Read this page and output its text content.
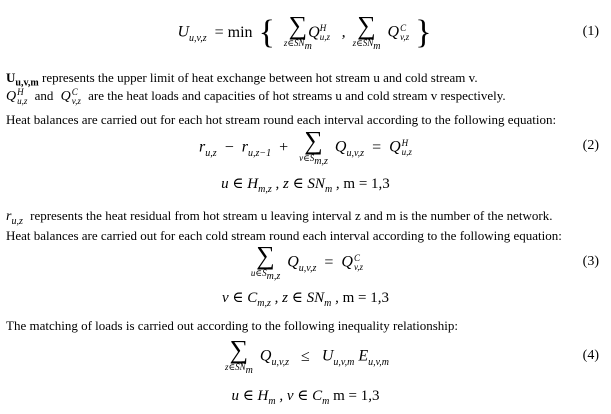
$U_{u,v,z} = \min$ { ∑
$z\in SN_m$

H
u,z
Q , ∑
$z\in SN_m$
Q C
v,z }	(1)
$U_{u,v,m}$ represents the upper limit of heat exchange between hot stream u and cold stream v.
Q H
u,z and Q C
v,z are the heat loads and capacities of hot streams u and cold stream v respectively.
Heat balances are carried out for each hot stream round each interval according to the following equation:
$r_{u,z} - r_{u,z-1}$ + ∑
$v\in S_{m,z}$
$Q_{u,v,z} = Q$ H
u,z	(2)
u ∈ $H_{m,z}$ , z ∈ $SN_m$ , m = 1,3
$r_{u,z}$ represents the heat residual from hot stream u leaving interval z and m is the number of the network.
Heat balances are carried out for each cold stream round each interval according to the following equation:
∑
$u\in S_{m,z}$
$Q_{u,v,z} = Q$ C
v,z	(3)
v ∈ $C_{m,z}$ , z ∈ $SN_m$ , m = 1,3
The matching of loads is carried out according to the following inequality relationship:
∑
$z\in SN_m$
$Q_{u,v,z} \le U_{u,v,m}$ $E_{u,v,m}$	(4)
u ∈ $H_m$ , v ∈ $C_m$ m = 1,3
